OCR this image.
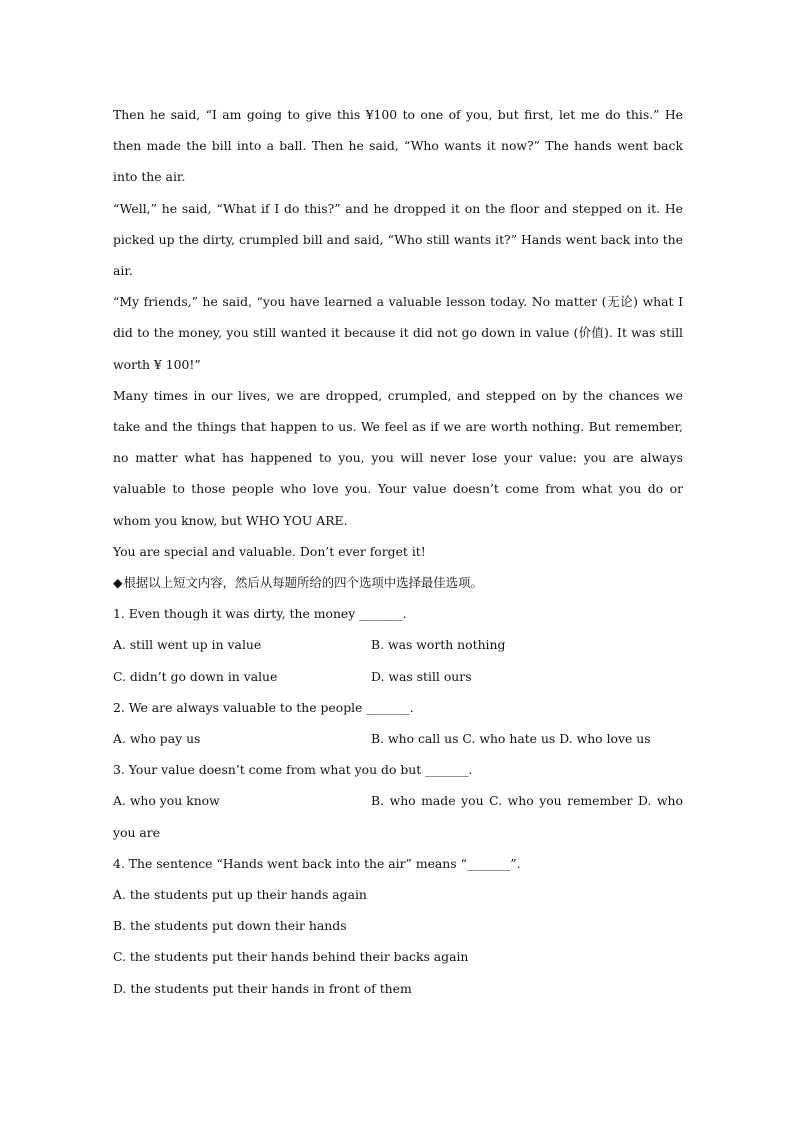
Then he said, “I am going to give this ¥100 to one of you, but first, let me do this.” He then made the bill into a ball. Then he said, “Who wants it now?” The hands went back into the air.

“Well,” he said, “What if I do this?” and he dropped it on the floor and stepped on it. He picked up the dirty, crumpled bill and said, “Who still wants it?” Hands went back into the air.

“My friends,” he said, “you have learned a valuable lesson today. No matter (无论) what I did to the money, you still wanted it because it did not go down in value (价值). It was still worth ¥ 100!”

Many times in our lives, we are dropped, crumpled, and stepped on by the chances we take and the things that happen to us. We feel as if we are worth nothing. But remember, no matter what has happened to you, you will never lose your value: you are always valuable to those people who love you. Your value doesn’t come from what you do or whom you know, but WHO YOU ARE.

You are special and valuable. Don’t ever forget it!

◆根据以上短文内容，然后从每题所给的四个选项中选择最佳选项。

1. Even though it was dirty, the money _______.

A. still went up in value	B. was worth nothing
C. didn’t go down in value	D. was still ours

2. We are always valuable to the people _______.

A. who pay us	B. who call us C. who hate us D. who love us

3. Your value doesn’t come from what you do but _______.

A. who you know	B. who made you C. who you remember D. who you are

4. The sentence “Hands went back into the air” means “_______”.

A. the students put up their hands again

B. the students put down their hands

C. the students put their hands behind their backs again

D. the students put their hands in front of them
